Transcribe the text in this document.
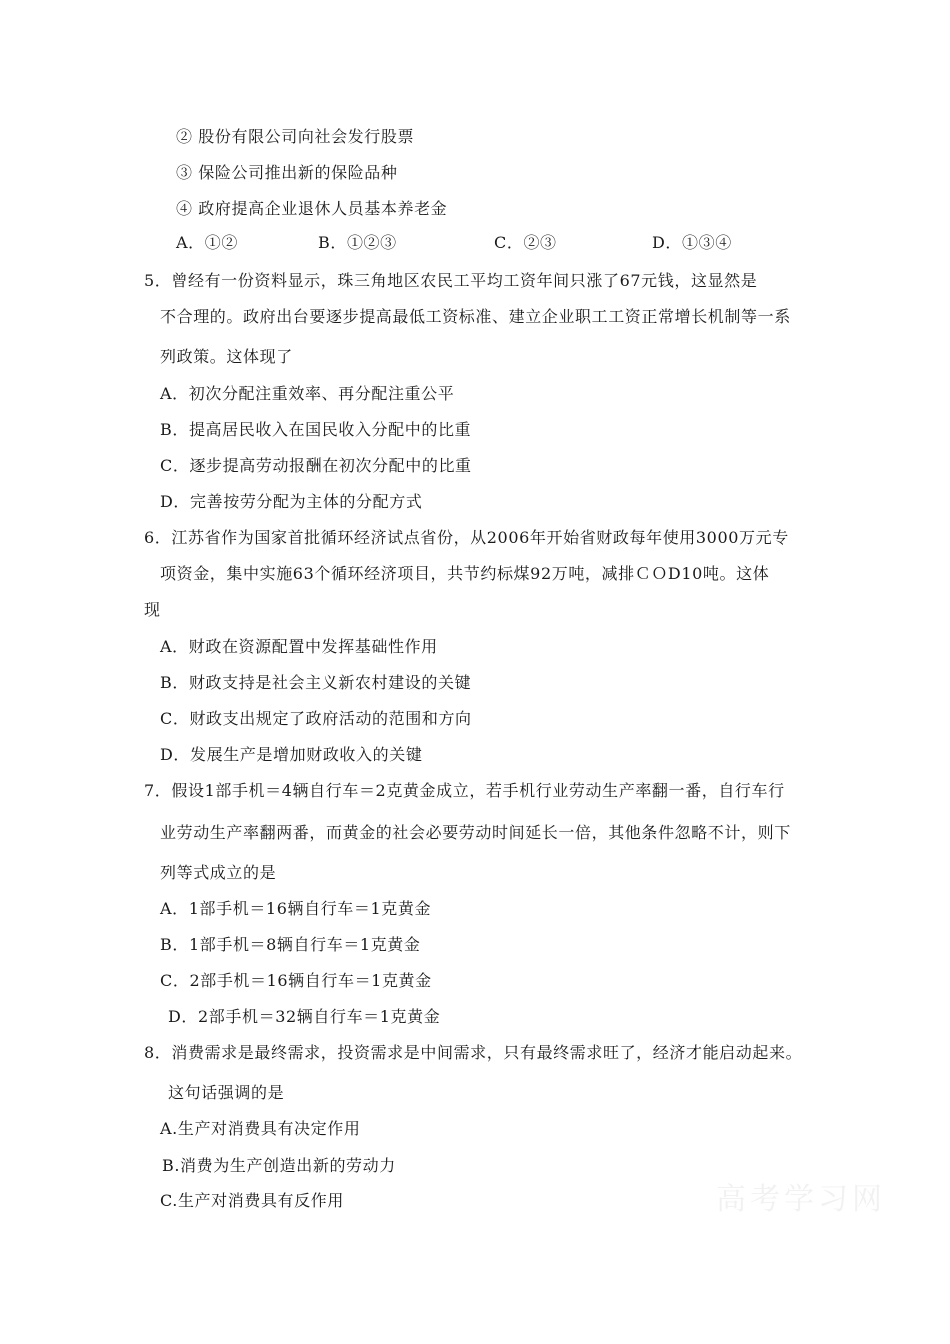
② 股份有限公司向社会发行股票
③ 保险公司推出新的保险品种
④ 政府提高企业退休人员基本养老金
A．①②	B．①②③	C．②③	D．①③④
5．曾经有一份资料显示，珠三角地区农民工平均工资年间只涨了67元钱，这显然是
不合理的。政府出台要逐步提高最低工资标准、建立企业职工工资正常增长机制等一系
列政策。这体现了
A．初次分配注重效率、再分配注重公平
B．提高居民收入在国民收入分配中的比重
C．逐步提高劳动报酬在初次分配中的比重
D．完善按劳分配为主体的分配方式
6．江苏省作为国家首批循环经济试点省份，从2006年开始省财政每年使用3000万元专
项资金，集中实施63个循环经济项目，共节约标煤92万吨，减排ＣＯD10吨。这体
现
A．财政在资源配置中发挥基础性作用
B．财政支持是社会主义新农村建设的关键
C．财政支出规定了政府活动的范围和方向
D．发展生产是增加财政收入的关键
7．假设1部手机＝4辆自行车＝2克黄金成立，若手机行业劳动生产率翻一番，自行车行
业劳动生产率翻两番，而黄金的社会必要劳动时间延长一倍，其他条件忽略不计，则下
列等式成立的是
A．1部手机＝16辆自行车＝1克黄金
B．1部手机＝8辆自行车＝1克黄金
C．2部手机＝16辆自行车＝1克黄金
D．2部手机＝32辆自行车＝1克黄金
8．消费需求是最终需求，投资需求是中间需求，只有最终需求旺了，经济才能启动起来。
这句话强调的是
A.生产对消费具有决定作用
B.消费为生产创造出新的劳动力
C.生产对消费具有反作用	高考学习网
